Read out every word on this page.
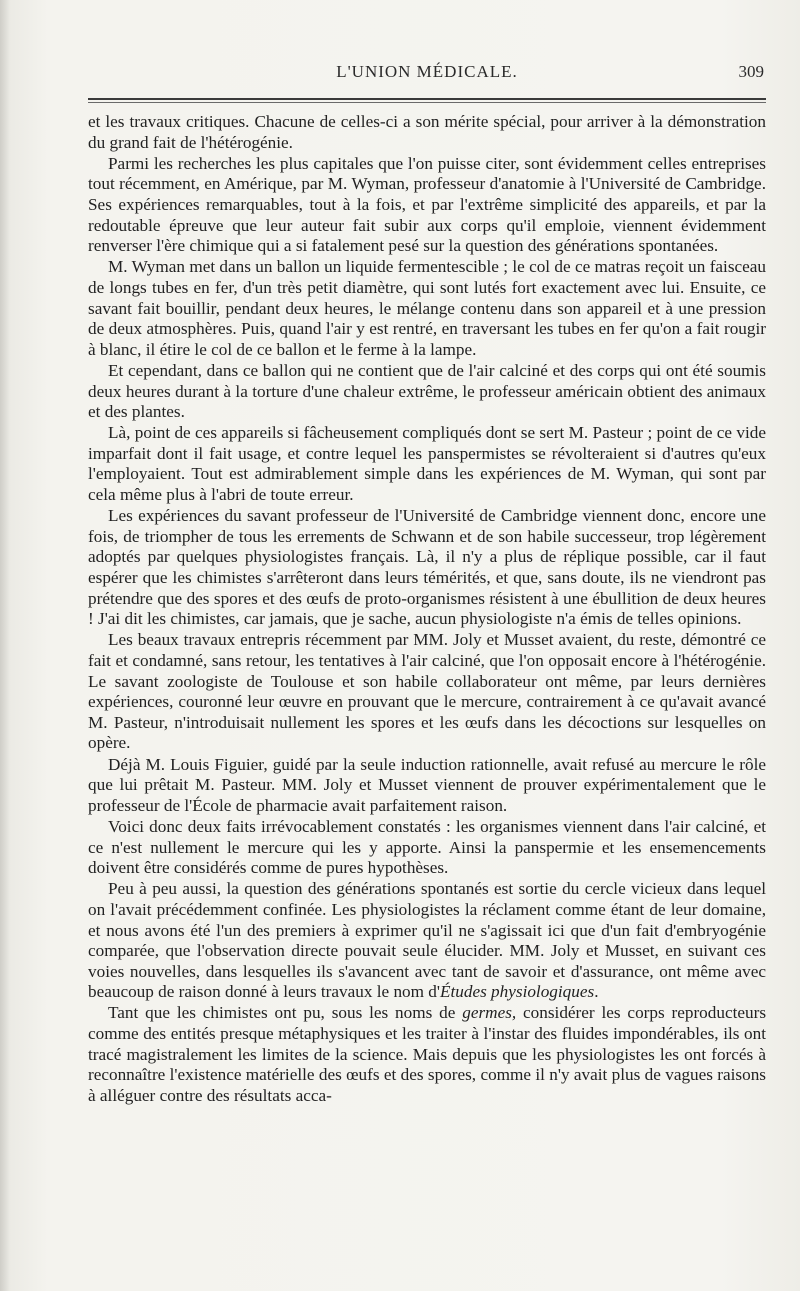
L'UNION MÉDICALE.	309

et les travaux critiques. Chacune de celles-ci a son mérite spécial, pour arriver à la démonstration du grand fait de l'hétérogénie.

Parmi les recherches les plus capitales que l'on puisse citer, sont évidemment celles entreprises tout récemment, en Amérique, par M. Wyman, professeur d'anatomie à l'Université de Cambridge. Ses expériences remarquables, tout à la fois, et par l'extrême simplicité des appareils, et par la redoutable épreuve que leur auteur fait subir aux corps qu'il emploie, viennent évidemment renverser l'ère chimique qui a si fatalement pesé sur la question des générations spontanées.

M. Wyman met dans un ballon un liquide fermentescible ; le col de ce matras reçoit un faisceau de longs tubes en fer, d'un très petit diamètre, qui sont lutés fort exactement avec lui. Ensuite, ce savant fait bouillir, pendant deux heures, le mélange contenu dans son appareil et à une pression de deux atmosphères. Puis, quand l'air y est rentré, en traversant les tubes en fer qu'on a fait rougir à blanc, il étire le col de ce ballon et le ferme à la lampe.

Et cependant, dans ce ballon qui ne contient que de l'air calciné et des corps qui ont été soumis deux heures durant à la torture d'une chaleur extrême, le professeur américain obtient des animaux et des plantes.

Là, point de ces appareils si fâcheusement compliqués dont se sert M. Pasteur ; point de ce vide imparfait dont il fait usage, et contre lequel les panspermistes se révolteraient si d'autres qu'eux l'employaient. Tout est admirablement simple dans les expériences de M. Wyman, qui sont par cela même plus à l'abri de toute erreur.

Les expériences du savant professeur de l'Université de Cambridge viennent donc, encore une fois, de triompher de tous les errements de Schwann et de son habile successeur, trop légèrement adoptés par quelques physiologistes français. Là, il n'y a plus de réplique possible, car il faut espérer que les chimistes s'arrêteront dans leurs témérités, et que, sans doute, ils ne viendront pas prétendre que des spores et des œufs de proto-organismes résistent à une ébullition de deux heures ! J'ai dit les chimistes, car jamais, que je sache, aucun physiologiste n'a émis de telles opinions.

Les beaux travaux entrepris récemment par MM. Joly et Musset avaient, du reste, démontré ce fait et condamné, sans retour, les tentatives à l'air calciné, que l'on opposait encore à l'hétérogénie. Le savant zoologiste de Toulouse et son habile collaborateur ont même, par leurs dernières expériences, couronné leur œuvre en prouvant que le mercure, contrairement à ce qu'avait avancé M. Pasteur, n'introduisait nullement les spores et les œufs dans les décoctions sur lesquelles on opère.

Déjà M. Louis Figuier, guidé par la seule induction rationnelle, avait refusé au mercure le rôle que lui prêtait M. Pasteur. MM. Joly et Musset viennent de prouver expérimentalement que le professeur de l'École de pharmacie avait parfaitement raison.

Voici donc deux faits irrévocablement constatés : les organismes viennent dans l'air calciné, et ce n'est nullement le mercure qui les y apporte. Ainsi la panspermie et les ensemencements doivent être considérés comme de pures hypothèses.

Peu à peu aussi, la question des générations spontanés est sortie du cercle vicieux dans lequel on l'avait précédemment confinée. Les physiologistes la réclament comme étant de leur domaine, et nous avons été l'un des premiers à exprimer qu'il ne s'agissait ici que d'un fait d'embryogénie comparée, que l'observation directe pouvait seule élucider. MM. Joly et Musset, en suivant ces voies nouvelles, dans lesquelles ils s'avancent avec tant de savoir et d'assurance, ont même avec beaucoup de raison donné à leurs travaux le nom d'Études physiologiques.

Tant que les chimistes ont pu, sous les noms de germes, considérer les corps reproducteurs comme des entités presque métaphysiques et les traiter à l'instar des fluides impondérables, ils ont tracé magistralement les limites de la science. Mais depuis que les physiologistes les ont forcés à reconnaître l'existence matérielle des œufs et des spores, comme il n'y avait plus de vagues raisons à alléguer contre des résultats acca-
